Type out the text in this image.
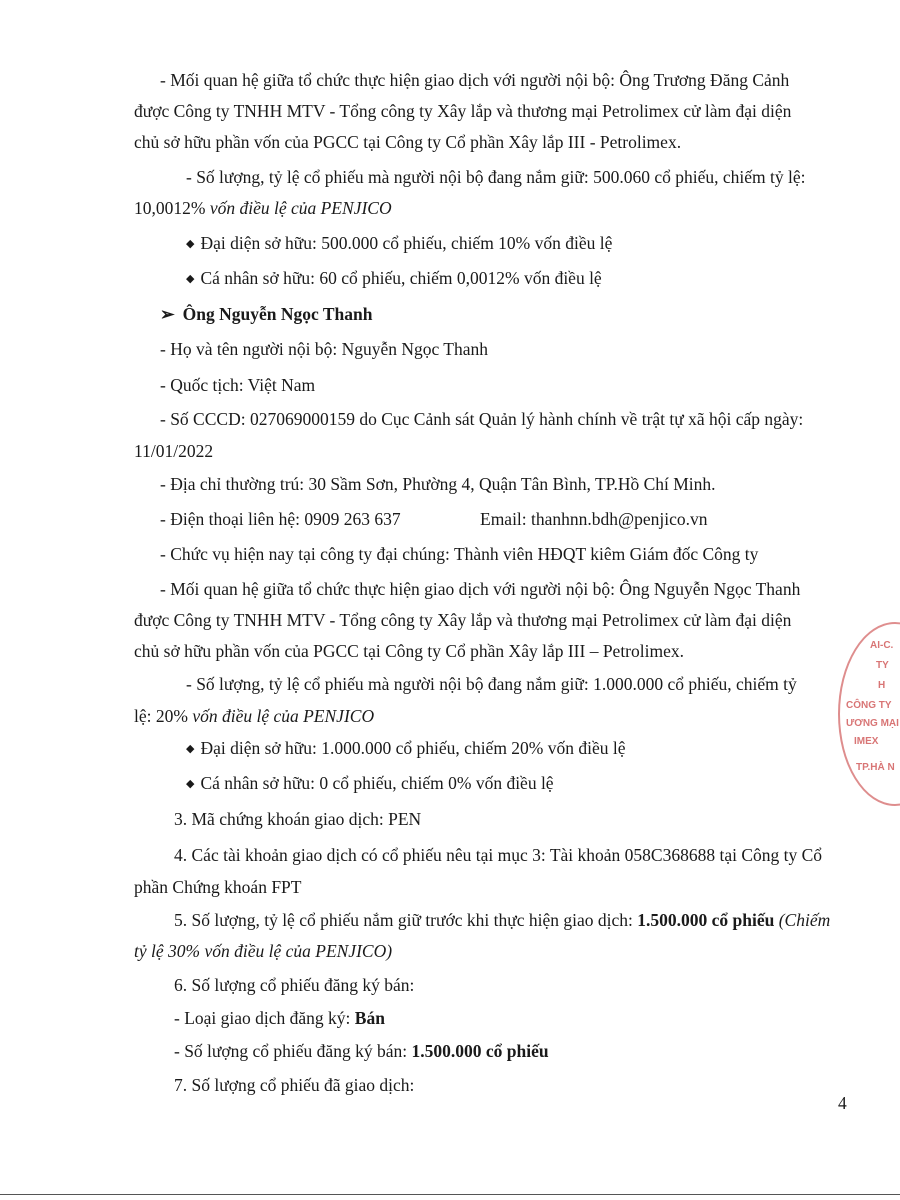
- Mối quan hệ giữa tổ chức thực hiện giao dịch với người nội bộ: Ông Trương Đăng Cảnh
được Công ty TNHH MTV - Tổng công ty Xây lắp và thương mại Petrolimex cử làm đại diện
chủ sở hữu phần vốn của PGCC tại Công ty Cổ phần Xây lắp III - Petrolimex.
- Số lượng, tỷ lệ cổ phiếu mà người nội bộ đang nắm giữ: 500.060 cổ phiếu, chiếm tỷ lệ:
10,0012% vốn điều lệ của PENJICO
◆ Đại diện sở hữu: 500.000 cổ phiếu, chiếm 10% vốn điều lệ
◆ Cá nhân sở hữu: 60 cổ phiếu, chiếm 0,0012% vốn điều lệ
➢ Ông Nguyễn Ngọc Thanh
- Họ và tên người nội bộ: Nguyễn Ngọc Thanh
- Quốc tịch: Việt Nam
- Số CCCD: 027069000159 do Cục Cảnh sát Quản lý hành chính về trật tự xã hội cấp ngày:
11/01/2022
- Địa chỉ thường trú: 30 Sầm Sơn, Phường 4, Quận Tân Bình, TP.Hồ Chí Minh.
- Điện thoại liên hệ: 0909 263 637	Email: thanhnn.bdh@penjico.vn
- Chức vụ hiện nay tại công ty đại chúng: Thành viên HĐQT kiêm Giám đốc Công ty
- Mối quan hệ giữa tổ chức thực hiện giao dịch với người nội bộ: Ông Nguyễn Ngọc Thanh
được Công ty TNHH MTV - Tổng công ty Xây lắp và thương mại Petrolimex cử làm đại diện
chủ sở hữu phần vốn của PGCC tại Công ty Cổ phần Xây lắp III – Petrolimex.
- Số lượng, tỷ lệ cổ phiếu mà người nội bộ đang nắm giữ: 1.000.000 cổ phiếu, chiếm tỷ
lệ: 20% vốn điều lệ của PENJICO
◆ Đại diện sở hữu: 1.000.000 cổ phiếu, chiếm 20% vốn điều lệ
◆ Cá nhân sở hữu: 0 cổ phiếu, chiếm 0% vốn điều lệ
3. Mã chứng khoán giao dịch: PEN
4. Các tài khoản giao dịch có cổ phiếu nêu tại mục 3: Tài khoản 058C368688 tại Công ty Cổ
phần Chứng khoán FPT
5. Số lượng, tỷ lệ cổ phiếu nắm giữ trước khi thực hiện giao dịch: 1.500.000 cổ phiếu (Chiếm
tỷ lệ 30% vốn điều lệ của PENJICO)
6. Số lượng cổ phiếu đăng ký bán:
- Loại giao dịch đăng ký: Bán
- Số lượng cổ phiếu đăng ký bán: 1.500.000 cổ phiếu
7. Số lượng cổ phiếu đã giao dịch:
4
AI-C.
TY
H
CÔNG TY
ƯƠNG MẠI
IMEX
TP.HÀ N
